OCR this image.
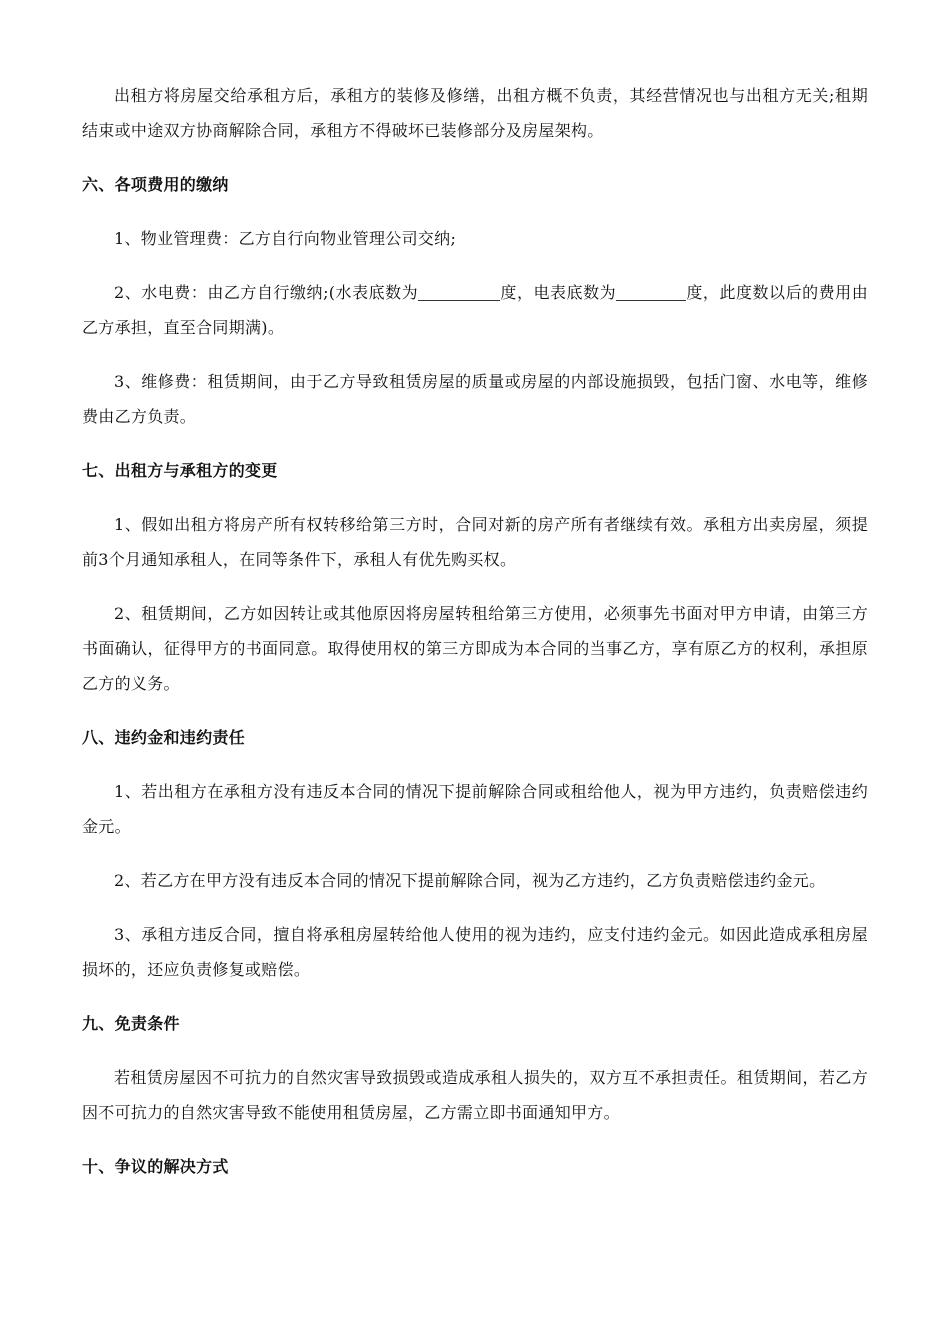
出租方将房屋交给承租方后，承租方的装修及修缮，出租方概不负责，其经营情况也与出租方无关;租期结束或中途双方协商解除合同，承租方不得破坏已装修部分及房屋架构。

六、各项费用的缴纳

1、物业管理费：乙方自行向物业管理公司交纳;

2、水电费：由乙方自行缴纳;(水表底数为	度，电表底数为	度，此度数以后的费用由乙方承担，直至合同期满)。

3、维修费：租赁期间，由于乙方导致租赁房屋的质量或房屋的内部设施损毁，包括门窗、水电等，维修费由乙方负责。

七、出租方与承租方的变更

1、假如出租方将房产所有权转移给第三方时，合同对新的房产所有者继续有效。承租方出卖房屋，须提前3个月通知承租人，在同等条件下，承租人有优先购买权。

2、租赁期间，乙方如因转让或其他原因将房屋转租给第三方使用，必须事先书面对甲方申请，由第三方书面确认，征得甲方的书面同意。取得使用权的第三方即成为本合同的当事乙方，享有原乙方的权利，承担原乙方的义务。

八、违约金和违约责任

1、若出租方在承租方没有违反本合同的情况下提前解除合同或租给他人，视为甲方违约，负责赔偿违约金元。

2、若乙方在甲方没有违反本合同的情况下提前解除合同，视为乙方违约，乙方负责赔偿违约金元。

3、承租方违反合同，擅自将承租房屋转给他人使用的视为违约，应支付违约金元。如因此造成承租房屋损坏的，还应负责修复或赔偿。

九、免责条件

若租赁房屋因不可抗力的自然灾害导致损毁或造成承租人损失的，双方互不承担责任。租赁期间，若乙方因不可抗力的自然灾害导致不能使用租赁房屋，乙方需立即书面通知甲方。

十、争议的解决方式
